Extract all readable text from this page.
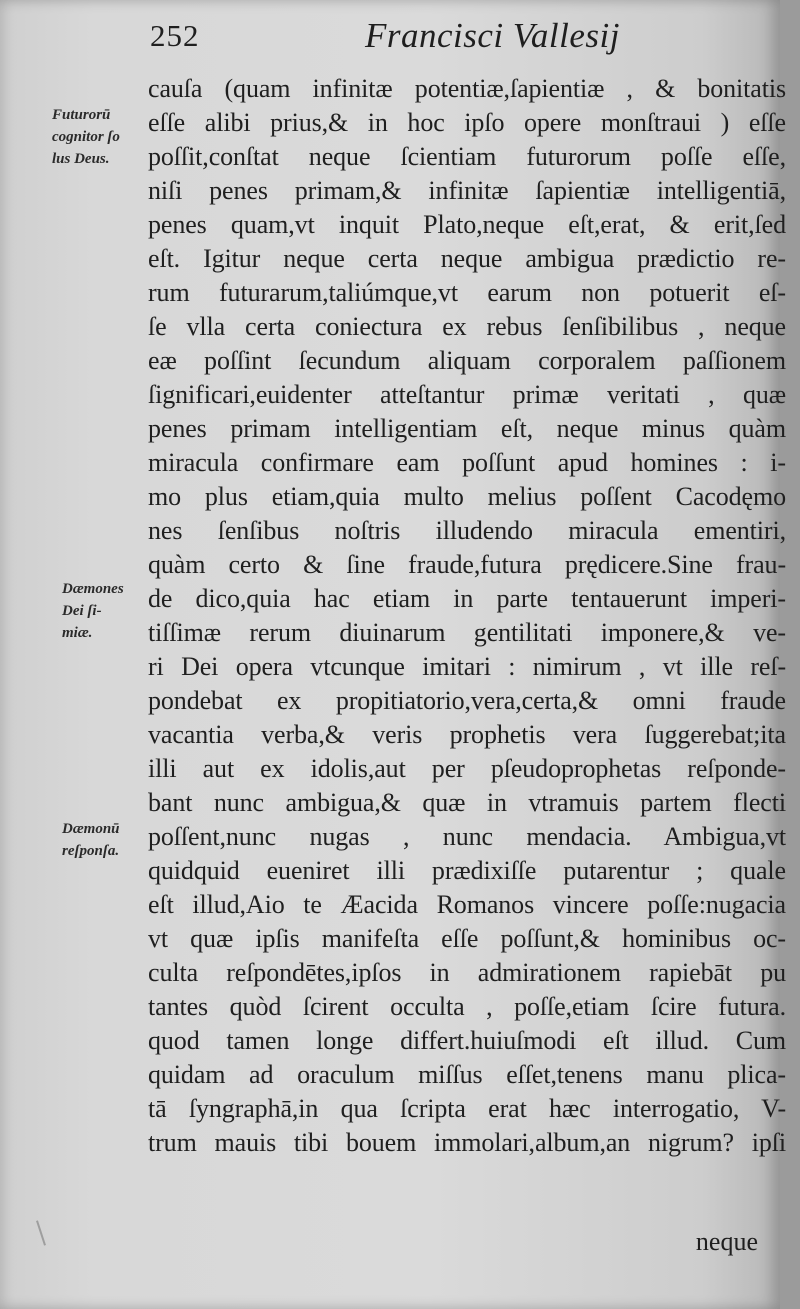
252	Francisci Vallesij
Futurorū
cognitor ſo
lus Deus.
Dæmones
Dei ſi-
miæ.
Dæmonū
reſponſa.
cauſa (quam infinitæ potentiæ,ſapientiæ , & bonitatis
eſſe alibi prius,& in hoc ipſo opere monſtraui ) eſſe
poſſit,conſtat neque ſcientiam futurorum poſſe eſſe,
niſi penes primam,& infinitæ ſapientiæ intelligentiā,
penes quam,vt inquit Plato,neque eſt,erat, & erit,ſed
eſt. Igitur neque certa neque ambigua prædictio re-
rum futurarum,taliúmque,vt earum non potuerit eſ-
ſe vlla certa coniectura ex rebus ſenſibilibus , neque
eæ poſſint ſecundum aliquam corporalem paſſionem
ſignificari,euidenter atteſtantur primæ veritati , quæ
penes primam intelligentiam eſt, neque minus quàm
miracula confirmare eam poſſunt apud homines : i-
mo plus etiam,quia multo melius poſſent Cacodęmo
nes ſenſibus noſtris illudendo miracula ementiri,
quàm certo & ſine fraude,futura prędicere.Sine frau-
de dico,quia hac etiam in parte tentauerunt imperi-
tiſſimæ rerum diuinarum gentilitati imponere,& ve-
ri Dei opera vtcunque imitari : nimirum , vt ille reſ-
pondebat ex propitiatorio,vera,certa,& omni fraude
vacantia verba,& veris prophetis vera ſuggerebat;ita
illi aut ex idolis,aut per pſeudoprophetas reſponde-
bant nunc ambigua,& quæ in vtramuis partem flecti
poſſent,nunc nugas , nunc mendacia. Ambigua,vt
quidquid eueniret illi prædixiſſe putarentur ; quale
eſt illud,Aio te Æacida Romanos vincere poſſe:nugacia
vt quæ ipſis manifeſta eſſe poſſunt,& hominibus oc-
culta reſpondētes,ipſos in admirationem rapiebāt pu
tantes quòd ſcirent occulta , poſſe,etiam ſcire futura.
quod tamen longe differt.huiuſmodi eſt illud. Cum
quidam ad oraculum miſſus eſſet,tenens manu plica-
tā ſyngraphā,in qua ſcripta erat hæc interrogatio, V-
trum mauis tibi bouem immolari,album,an nigrum? ipſi
neque
